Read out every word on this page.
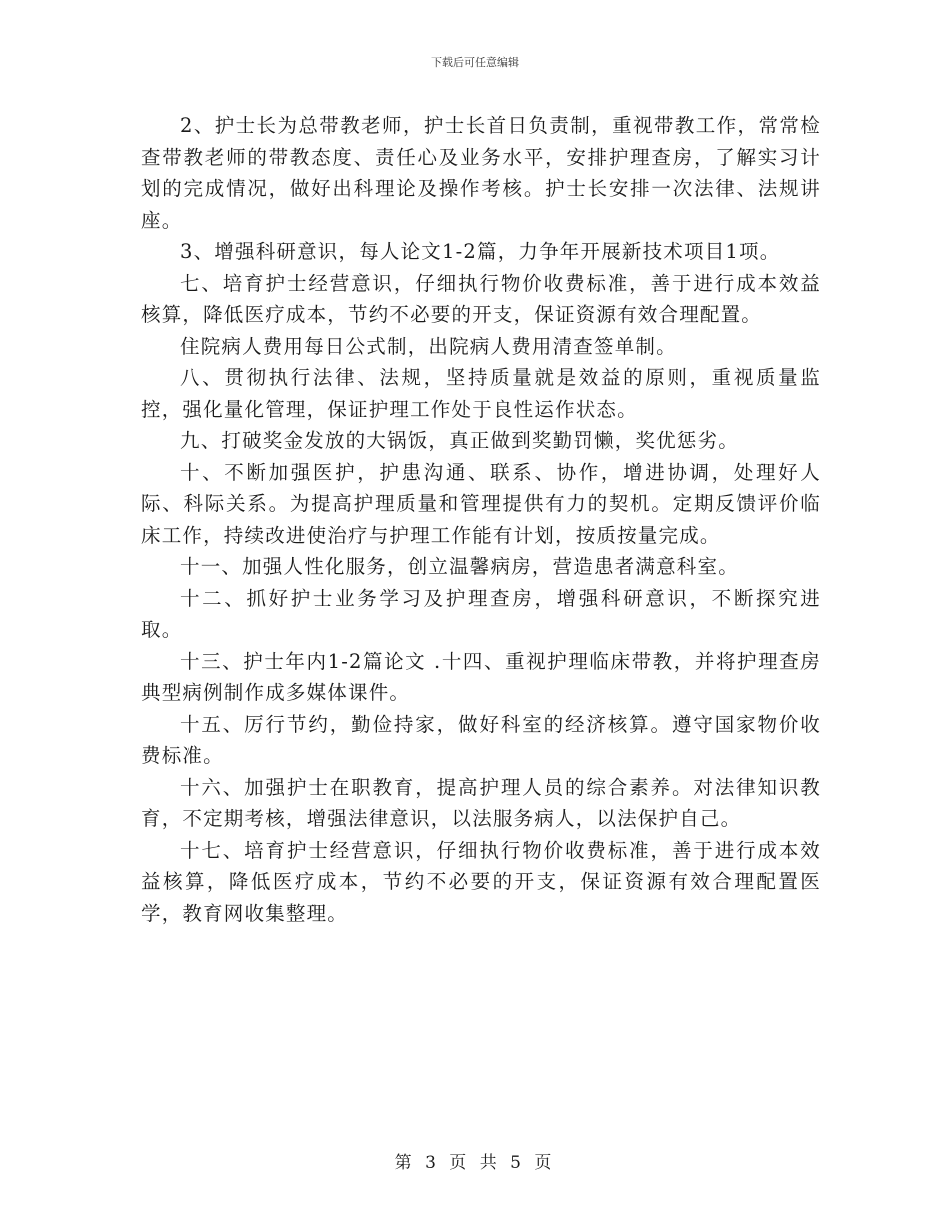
下载后可任意编辑

2、护士长为总带教老师，护士长首日负责制，重视带教工作，常常检查带教老师的带教态度、责任心及业务水平，安排护理查房，了解实习计划的完成情况，做好出科理论及操作考核。护士长安排一次法律、法规讲座。

3、增强科研意识，每人论文1-2篇，力争年开展新技术项目1项。

七、培育护士经营意识，仔细执行物价收费标准，善于进行成本效益核算，降低医疗成本，节约不必要的开支，保证资源有效合理配置。

住院病人费用每日公式制，出院病人费用清查签单制。

八、贯彻执行法律、法规，坚持质量就是效益的原则，重视质量监控，强化量化管理，保证护理工作处于良性运作状态。

九、打破奖金发放的大锅饭，真正做到奖勤罚懒，奖优惩劣。

十、不断加强医护，护患沟通、联系、协作，增进协调，处理好人际、科际关系。为提高护理质量和管理提供有力的契机。定期反馈评价临床工作，持续改进使治疗与护理工作能有计划，按质按量完成。

十一、加强人性化服务，创立温馨病房，营造患者满意科室。

十二、抓好护士业务学习及护理查房，增强科研意识，不断探究进取。

十三、护士年内1-2篇论文 .十四、重视护理临床带教，并将护理查房典型病例制作成多媒体课件。

十五、厉行节约，勤俭持家，做好科室的经济核算。遵守国家物价收费标准。

十六、加强护士在职教育，提高护理人员的综合素养。对法律知识教育，不定期考核，增强法律意识，以法服务病人，以法保护自己。

十七、培育护士经营意识，仔细执行物价收费标准，善于进行成本效益核算，降低医疗成本，节约不必要的开支，保证资源有效合理配置医学，教育网收集整理。

第 3 页 共 5 页
